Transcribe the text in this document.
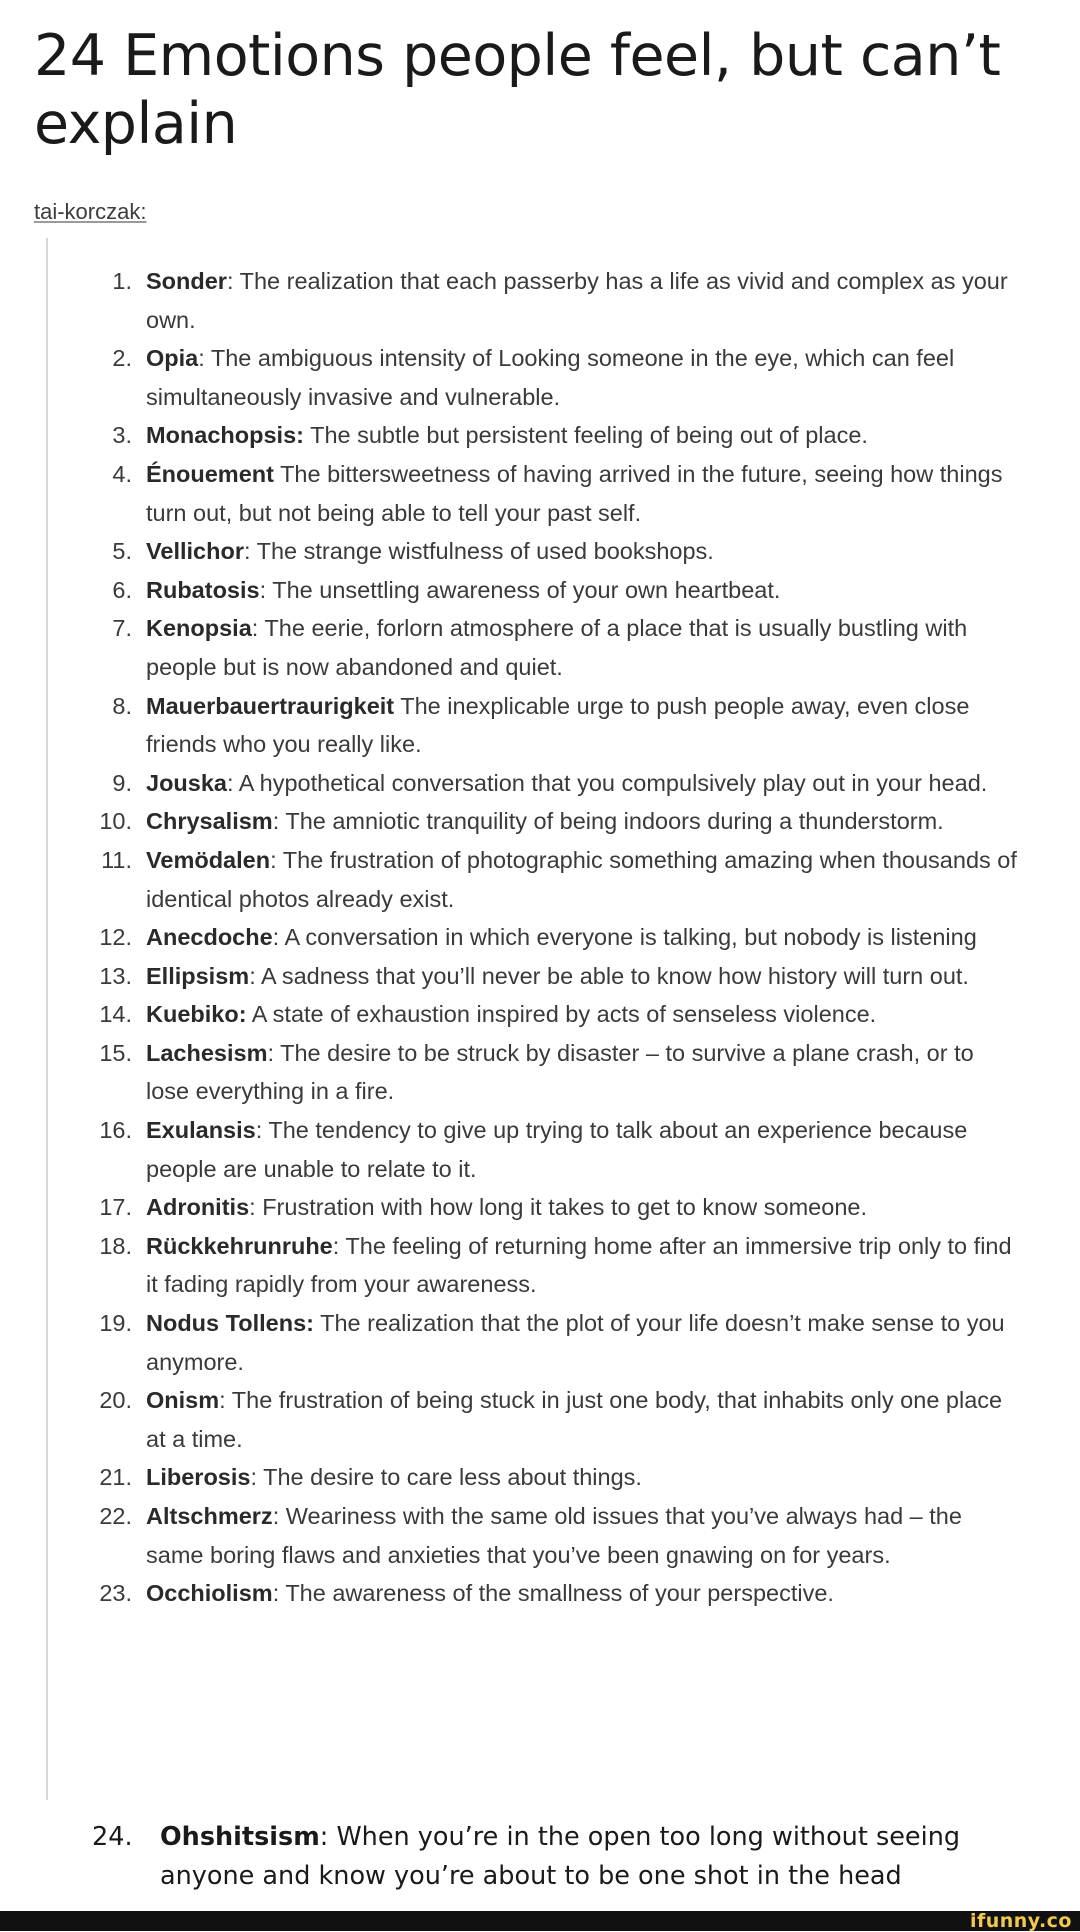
24 Emotions people feel, but can’t explain
tai-korczak:
1. Sonder: The realization that each passerby has a life as vivid and complex as your own.
2. Opia: The ambiguous intensity of Looking someone in the eye, which can feel simultaneously invasive and vulnerable.
3. Monachopsis: The subtle but persistent feeling of being out of place.
4. Énouement The bittersweetness of having arrived in the future, seeing how things turn out, but not being able to tell your past self.
5. Vellichor: The strange wistfulness of used bookshops.
6. Rubatosis: The unsettling awareness of your own heartbeat.
7. Kenopsia: The eerie, forlorn atmosphere of a place that is usually bustling with people but is now abandoned and quiet.
8. Mauerbauertraurigkeit The inexplicable urge to push people away, even close friends who you really like.
9. Jouska: A hypothetical conversation that you compulsively play out in your head.
10. Chrysalism: The amniotic tranquility of being indoors during a thunderstorm.
11. Vemödalen: The frustration of photographic something amazing when thousands of identical photos already exist.
12. Anecdoche: A conversation in which everyone is talking, but nobody is listening
13. Ellipsism: A sadness that you’ll never be able to know how history will turn out.
14. Kuebiko: A state of exhaustion inspired by acts of senseless violence.
15. Lachesism: The desire to be struck by disaster – to survive a plane crash, or to lose everything in a fire.
16. Exulansis: The tendency to give up trying to talk about an experience because people are unable to relate to it.
17. Adronitis: Frustration with how long it takes to get to know someone.
18. Rückkehrunruhe: The feeling of returning home after an immersive trip only to find it fading rapidly from your awareness.
19. Nodus Tollens: The realization that the plot of your life doesn’t make sense to you anymore.
20. Onism: The frustration of being stuck in just one body, that inhabits only one place at a time.
21. Liberosis: The desire to care less about things.
22. Altschmerz: Weariness with the same old issues that you’ve always had – the same boring flaws and anxieties that you’ve been gnawing on for years.
23. Occhiolism: The awareness of the smallness of your perspective.
24. Ohshitsism: When you’re in the open too long without seeing anyone and know you’re about to be one shot in the head
ifunny.co
